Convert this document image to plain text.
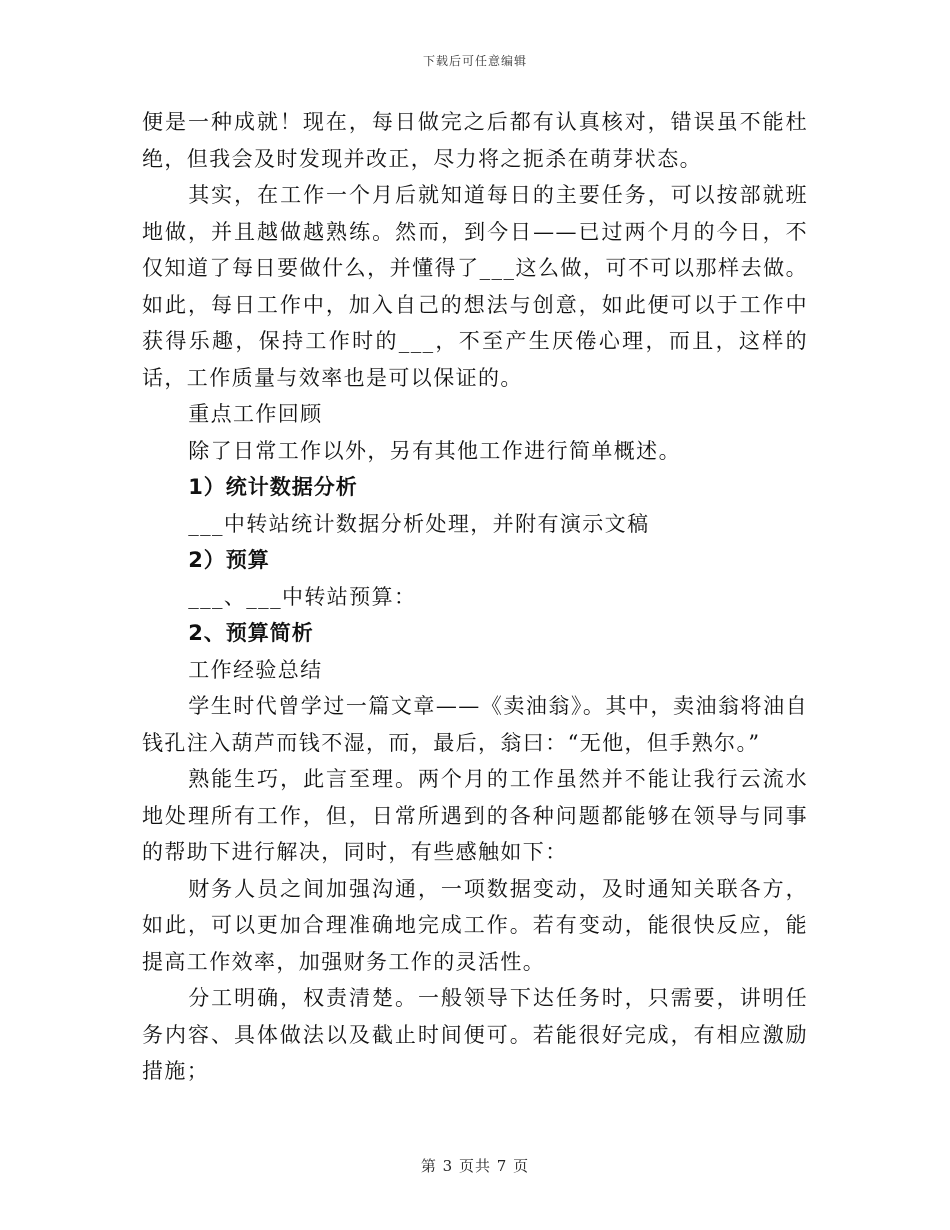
下载后可任意编辑

便是一种成就！现在，每日做完之后都有认真核对，错误虽不能杜绝，但我会及时发现并改正，尽力将之扼杀在萌芽状态。

其实，在工作一个月后就知道每日的主要任务，可以按部就班地做，并且越做越熟练。然而，到今日——已过两个月的今日，不仅知道了每日要做什么，并懂得了___这么做，可不可以那样去做。如此，每日工作中，加入自己的想法与创意，如此便可以于工作中获得乐趣，保持工作时的___，不至产生厌倦心理，而且，这样的话，工作质量与效率也是可以保证的。

重点工作回顾

除了日常工作以外，另有其他工作进行简单概述。

1）统计数据分析

___中转站统计数据分析处理，并附有演示文稿

2）预算

___、___中转站预算：

2、预算简析

工作经验总结

学生时代曾学过一篇文章——《卖油翁》。其中，卖油翁将油自钱孔注入葫芦而钱不湿，而，最后，翁曰：“无他，但手熟尔。”

熟能生巧，此言至理。两个月的工作虽然并不能让我行云流水地处理所有工作，但，日常所遇到的各种问题都能够在领导与同事的帮助下进行解决，同时，有些感触如下：

财务人员之间加强沟通，一项数据变动，及时通知关联各方，如此，可以更加合理准确地完成工作。若有变动，能很快反应，能提高工作效率，加强财务工作的灵活性。

分工明确，权责清楚。一般领导下达任务时，只需要，讲明任务内容、具体做法以及截止时间便可。若能很好完成，有相应激励措施；

第 3 页共 7 页
